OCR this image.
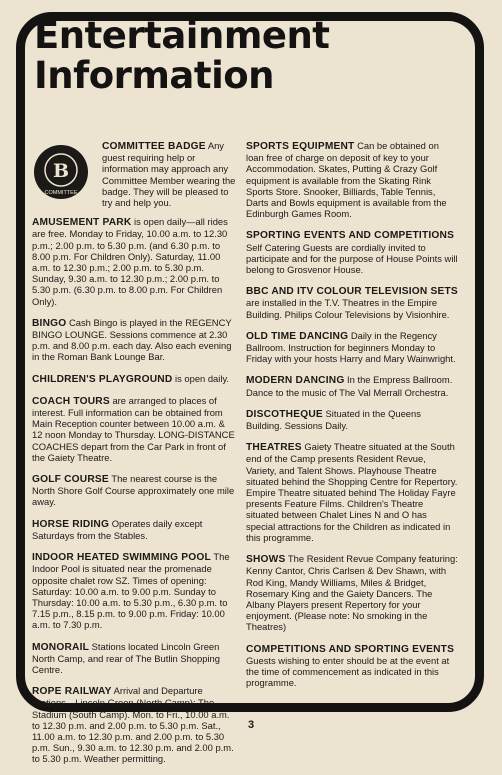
Entertainment
Information
B
COMMITTEE

COMMITTEE BADGE Any guest requiring help or information may approach any Committee Member wearing the badge. They will be pleased to try and help you.

AMUSEMENT PARK is open daily—all rides are free. Monday to Friday, 10.00 a.m. to 12.30 p.m.; 2.00 p.m. to 5.30 p.m. (and 6.30 p.m. to 8.00 p.m. For Children Only). Saturday, 11.00 a.m. to 12.30 p.m.; 2.00 p.m. to 5.30 p.m. Sunday, 9.30 a.m. to 12.30 p.m.; 2.00 p.m. to 5.30 p.m. (6.30 p.m. to 8.00 p.m. For Children Only).

BINGO Cash Bingo is played in the REGENCY BINGO LOUNGE. Sessions commence at 2.30 p.m. and 8.00 p.m. each day. Also each evening in the Roman Bank Lounge Bar.

CHILDREN'S PLAYGROUND is open daily.

COACH TOURS are arranged to places of interest. Full information can be obtained from Main Reception counter between 10.00 a.m. & 12 noon Monday to Thursday. LONG-DISTANCE COACHES depart from the Car Park in front of the Gaiety Theatre.

GOLF COURSE The nearest course is the North Shore Golf Course approximately one mile away.

HORSE RIDING Operates daily except Saturdays from the Stables.

INDOOR HEATED SWIMMING POOL The Indoor Pool is situated near the promenade opposite chalet row SZ. Times of opening: Saturday: 10.00 a.m. to 9.00 p.m. Sunday to Thursday: 10.00 a.m. to 5.30 p.m., 6.30 p.m. to 7.15 p.m., 8.15 p.m. to 9.00 p.m. Friday: 10.00 a.m. to 7.30 p.m.

MONORAIL Stations located Lincoln Green North Camp, and rear of The Butlin Shopping Centre.

ROPE RAILWAY Arrival and Departure Stations—Lincoln Green (North Camp); The Stadium (South Camp). Mon. to Fri., 10.00 a.m. to 12.30 p.m. and 2.00 p.m. to 5.30 p.m. Sat., 11.00 a.m. to 12.30 p.m. and 2.00 p.m. to 5.30 p.m. Sun., 9.30 a.m. to 12.30 p.m. and 2.00 p.m. to 5.30 p.m. Weather permitting.

SPORTS EQUIPMENT Can be obtained on loan free of charge on deposit of key to your Accommodation. Skates, Putting & Crazy Golf equipment is available from the Skating Rink Sports Store. Snooker, Billiards, Table Tennis, Darts and Bowls equipment is available from the Edinburgh Games Room.

SPORTING EVENTS AND COMPETITIONS Self Catering Guests are cordially invited to participate and for the purpose of House Points will belong to Grosvenor House.

BBC AND ITV COLOUR TELEVISION SETS are installed in the T.V. Theatres in the Empire Building. Philips Colour Televisions by Visionhire.

OLD TIME DANCING Daily in the Regency Ballroom. Instruction for beginners Monday to Friday with your hosts Harry and Mary Wainwright.

MODERN DANCING In the Empress Ballroom. Dance to the music of The Val Merrall Orchestra.

DISCOTHEQUE Situated in the Queens Building. Sessions Daily.

THEATRES Gaiety Theatre situated at the South end of the Camp presents Resident Revue, Variety, and Talent Shows. Playhouse Theatre situated behind the Shopping Centre for Repertory. Empire Theatre situated behind The Holiday Fayre presents Feature Films. Children's Theatre situated between Chalet Lines N and O has special attractions for the Children as indicated in this programme.

SHOWS The Resident Revue Company featuring: Kenny Cantor, Chris Carlsen & Dev Shawn, with Rod King, Mandy Williams, Miles & Bridget, Rosemary King and the Gaiety Dancers. The Albany Players present Repertory for your enjoyment. (Please note: No smoking in the Theatres)

COMPETITIONS AND SPORTING EVENTS Guests wishing to enter should be at the event at the time of commencement as indicated in this programme.

3
